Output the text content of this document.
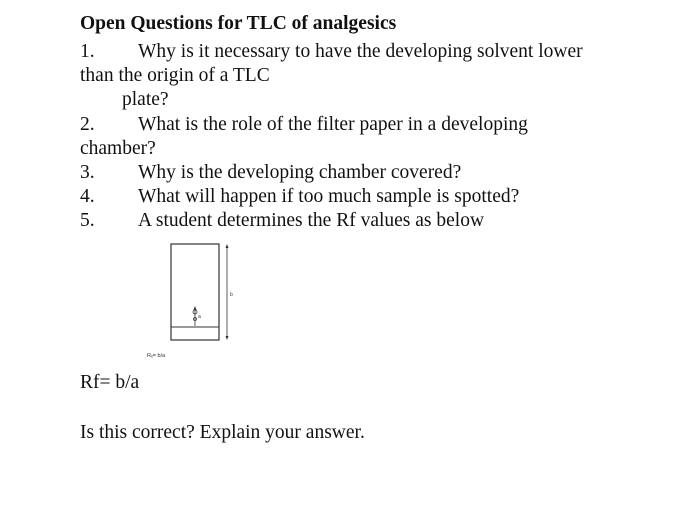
Open Questions for TLC of analgesics
1. Why is it necessary to have the developing solvent lower
than the origin of a TLC
plate?
2. What is the role of the filter paper in a developing
chamber?
3. Why is the developing chamber covered?
4. What will happen if too much sample is spotted?
5. A student determines the Rf values as below
b
a
Rₓ= b/a
Rf= b/a
Is this correct? Explain your answer.
